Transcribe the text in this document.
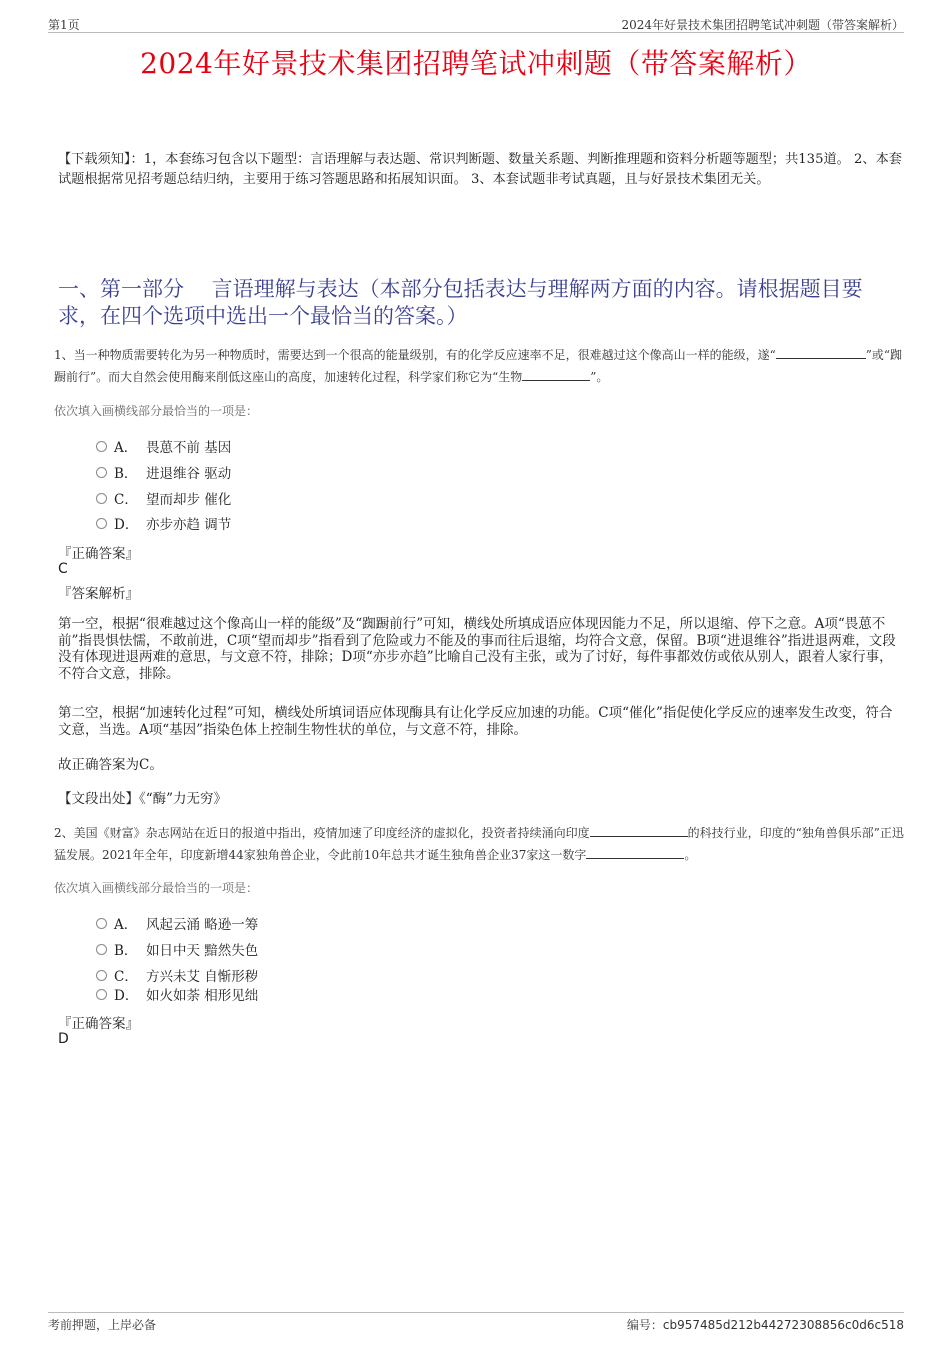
第1页	2024年好景技术集团招聘笔试冲刺题（带答案解析）
2024年好景技术集团招聘笔试冲刺题（带答案解析）

【下载须知】：1，本套练习包含以下题型：言语理解与表达题、常识判断题、数量关系题、判断推理题和资料分析题等题型；共135道。 2、本套试题根据常见招考题总结归纳，主要用于练习答题思路和拓展知识面。 3、本套试题非考试真题，且与好景技术集团无关。

一、第一部分　 言语理解与表达（本部分包括表达与理解两方面的内容。请根据题目要求，在四个选项中选出一个最恰当的答案。）

1、当一种物质需要转化为另一种物质时，需要达到一个很高的能量级别，有的化学反应速率不足，很难越过这个像高山一样的能级，遂“	”或“踟蹰前行”。而大自然会使用酶来削低这座山的高度，加速转化过程，科学家们称它为“生物	”。

依次填入画横线部分最恰当的一项是：

A． 畏葸不前 基因
B． 进退维谷 驱动
C． 望而却步 催化
D． 亦步亦趋 调节

『正确答案』

C

『答案解析』

第一空，根据“很难越过这个像高山一样的能级”及“踟蹰前行”可知，横线处所填成语应体现因能力不足，所以退缩、停下之意。A项“畏葸不前”指畏惧怯懦，不敢前进，C项“望而却步”指看到了危险或力不能及的事而往后退缩，均符合文意，保留。B项“进退维谷”指进退两难，文段没有体现进退两难的意思，与文意不符，排除；D项“亦步亦趋”比喻自己没有主张，或为了讨好，每件事都效仿或依从别人，跟着人家行事，不符合文意，排除。

第二空，根据“加速转化过程”可知，横线处所填词语应体现酶具有让化学反应加速的功能。C项“催化”指促使化学反应的速率发生改变，符合文意，当选。A项“基因”指染色体上控制生物性状的单位，与文意不符，排除。

故正确答案为C。

【文段出处】《“酶”力无穷》

2、美国《财富》杂志网站在近日的报道中指出，疫情加速了印度经济的虚拟化，投资者持续涌向印度	的科技行业，印度的“独角兽俱乐部”正迅猛发展。2021年全年，印度新增44家独角兽企业，令此前10年总共才诞生独角兽企业37家这一数字	。

依次填入画横线部分最恰当的一项是：

A． 风起云涌 略逊一筹
B． 如日中天 黯然失色
C． 方兴未艾 自惭形秽
D． 如火如荼 相形见绌

『正确答案』

D

考前押题，上岸必备	编号：cb957485d212b44272308856c0d6c518
